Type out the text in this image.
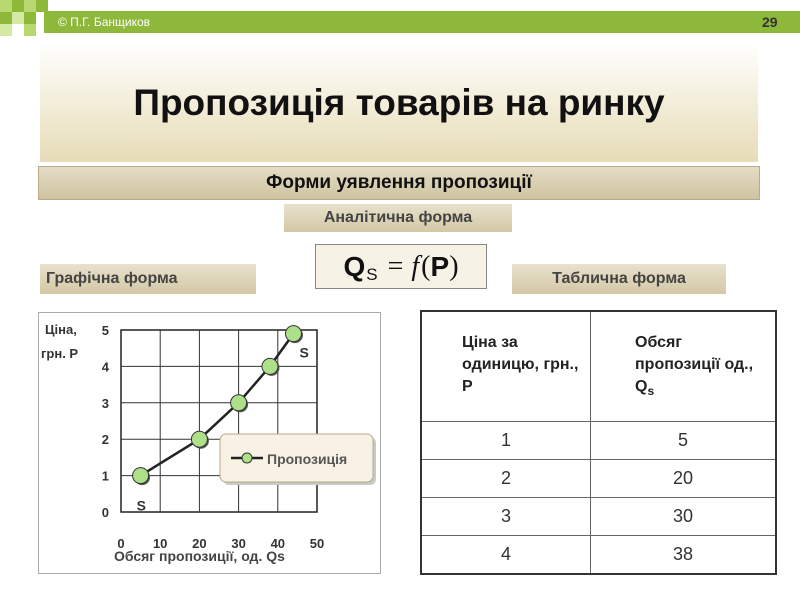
© П.Г. Банщиков	29
Пропозиція товарів на ринку
Форми уявлення пропозиції
Аналітична форма
Графічна форма	Таблична форма
Q S = f ( P )
0 10 20 30 40 50
0
1
2
3
4
5
Ціна,
грн. Р
Обсяг пропозиції, од. Qs
S
S
Пропозиція
Ціна за одиницю, грн., Р	Обсяг пропозиції од., $Q_s$

1	5
2	20
3	30
4	38
